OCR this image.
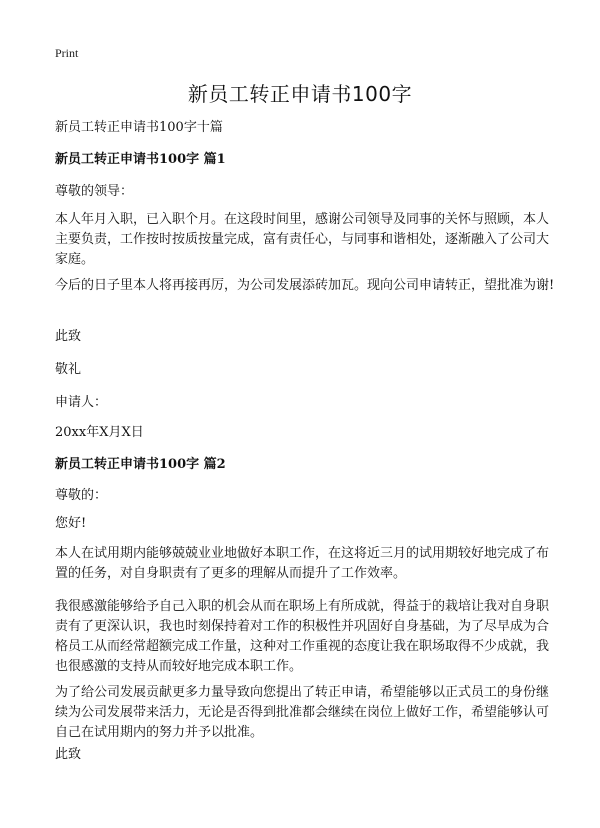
Print
新员工转正申请书100字

新员工转正申请书100字十篇

新员工转正申请书100字 篇1

尊敬的领导：

本人年月入职，已入职个月。在这段时间里，感谢公司领导及同事的关怀与照顾，本人主要负责，工作按时按质按量完成，富有责任心，与同事和谐相处，逐渐融入了公司大家庭。

今后的日子里本人将再接再厉，为公司发展添砖加瓦。现向公司申请转正，望批准为谢!

此致

敬礼

申请人：

20xx年X月X日

新员工转正申请书100字 篇2

尊敬的：

您好!

本人在试用期内能够兢兢业业地做好本职工作，在这将近三月的试用期较好地完成了布置的任务，对自身职责有了更多的理解从而提升了工作效率。

我很感激能够给予自己入职的机会从而在职场上有所成就，得益于的栽培让我对自身职责有了更深认识，我也时刻保持着对工作的积极性并巩固好自身基础，为了尽早成为合格员工从而经常超额完成工作量，这种对工作重视的态度让我在职场取得不少成就，我也很感激的支持从而较好地完成本职工作。

为了给公司发展贡献更多力量导致向您提出了转正申请，希望能够以正式员工的身份继续为公司发展带来活力，无论是否得到批准都会继续在岗位上做好工作，希望能够认可自己在试用期内的努力并予以批准。

此致
